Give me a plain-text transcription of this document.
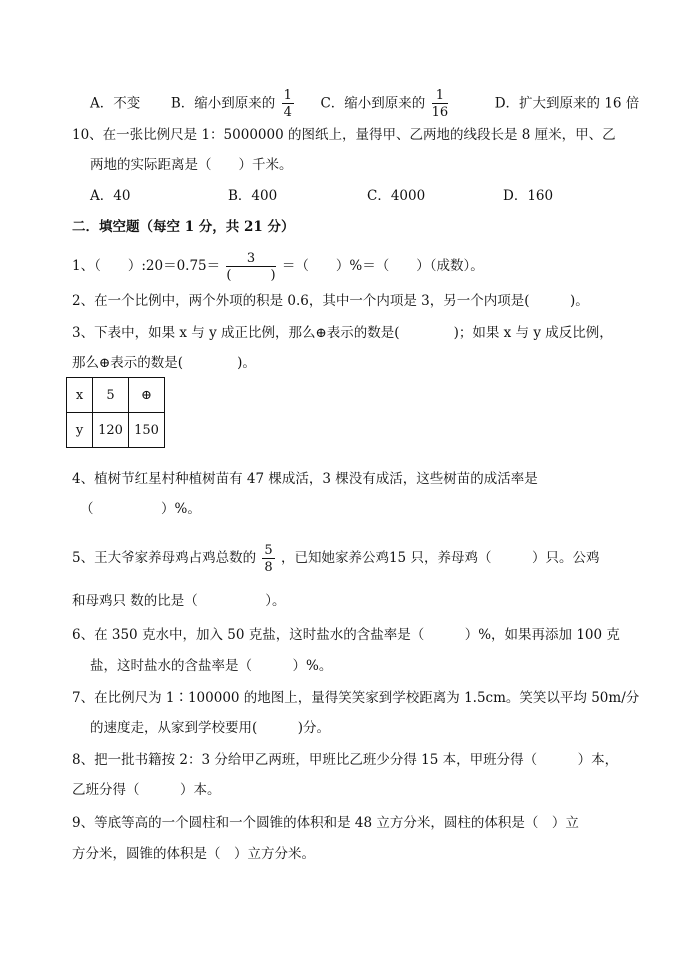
A．不变 B．缩小到原来的 $\frac{1}{4}$ C．缩小到原来的 $\frac{1}{16}$	D．扩大到原来的 16 倍
10、在一张比例尺是 1：5000000 的图纸上，量得甲、乙两地的线段长是 8 厘米，甲、乙
两地的实际距离是（　　）千米。
A．40	B．400	C．4000	D．160
二．填空题（每空 1 分，共 21 分）
1、（　　）:20＝0.75＝ $\frac{3}{( )}$ ＝（　　）%＝（　　）（成数）。
2、在一个比例中，两个外项的积是 0.6，其中一个内项是 3，另一个内项是(　　　)。
3、下表中，如果 x 与 y 成正比例，那么⊕表示的数是(　　　　)；如果 x 与 y 成反比例，
那么⊕表示的数是(　　　　)。
x	5	⊕
y	120	150
4、植树节红星村种植树苗有 47 棵成活，3 棵没有成活，这些树苗的成活率是
（　　　　　）%。
5、王大爷家养母鸡占鸡总数的 $\frac{5}{8}$ ，已知她家养公鸡15 只，养母鸡（　　　）只。公鸡
和母鸡只 数的比是（　　　　　）。
6、在 350 克水中，加入 50 克盐，这时盐水的含盐率是（　　　）%，如果再添加 100 克
盐，这时盐水的含盐率是（　　　）%。
7、在比例尺为 1∶100000 的地图上，量得笑笑家到学校距离为 1.5cm。笑笑以平均 50m/分
的速度走，从家到学校要用(　　　)分。
8、把一批书籍按 2：3 分给甲乙两班，甲班比乙班少分得 15 本，甲班分得（　　　）本，
乙班分得（　　　）本。
9、等底等高的一个圆柱和一个圆锥的体积和是 48 立方分米，圆柱的体积是（　）立
方分米，圆锥的体积是（　）立方分米。
